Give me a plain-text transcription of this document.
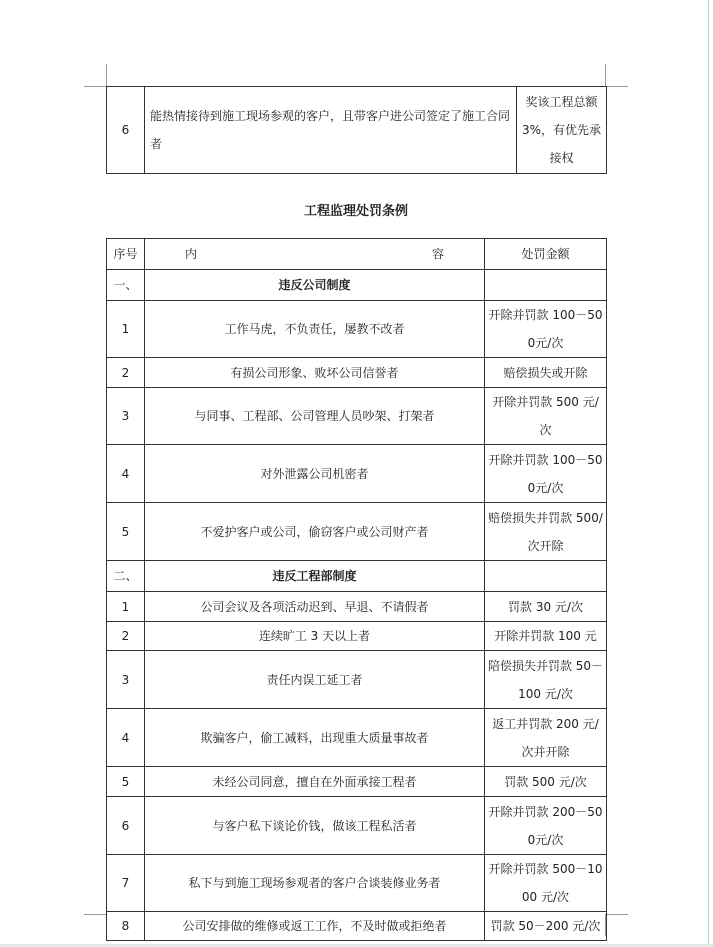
6	能热情接待到施工现场参观的客户，且带客户进公司签定了施工合同者	奖该工程总额3%，有优先承接权
工程监理处罚条例
序号	内 容	处罚金额
一、	违反公司制度	
1	工作马虎，不负责任，屡教不改者	开除并罚款 100－500元/次
2	有损公司形象、败坏公司信誉者	赔偿损失或开除
3	与同事、工程部、公司管理人员吵架、打架者	开除并罚款 500 元/次
4	对外泄露公司机密者	开除并罚款 100－500元/次
5	不爱护客户或公司，偷窃客户或公司财产者	赔偿损失并罚款 500/次开除
二、	违反工程部制度	
1	公司会议及各项活动迟到、早退、不请假者	罚款 30 元/次
2	连续旷工 3 天以上者	开除并罚款 100 元
3	责任内误工延工者	陪偿损失并罚款 50－100 元/次
4	欺骗客户，偷工减料，出现重大质量事故者	返工并罚款 200 元/次并开除
5	未经公司同意，擅自在外面承接工程者	罚款 500 元/次
6	与客户私下谈论价钱，做该工程私活者	开除并罚款 200－500元/次
7	私下与到施工现场参观者的客户合谈装修业务者	开除并罚款 500－1000 元/次
8	公司安排做的维修或返工工作，不及时做或拒绝者	罚款 50－200 元/次
